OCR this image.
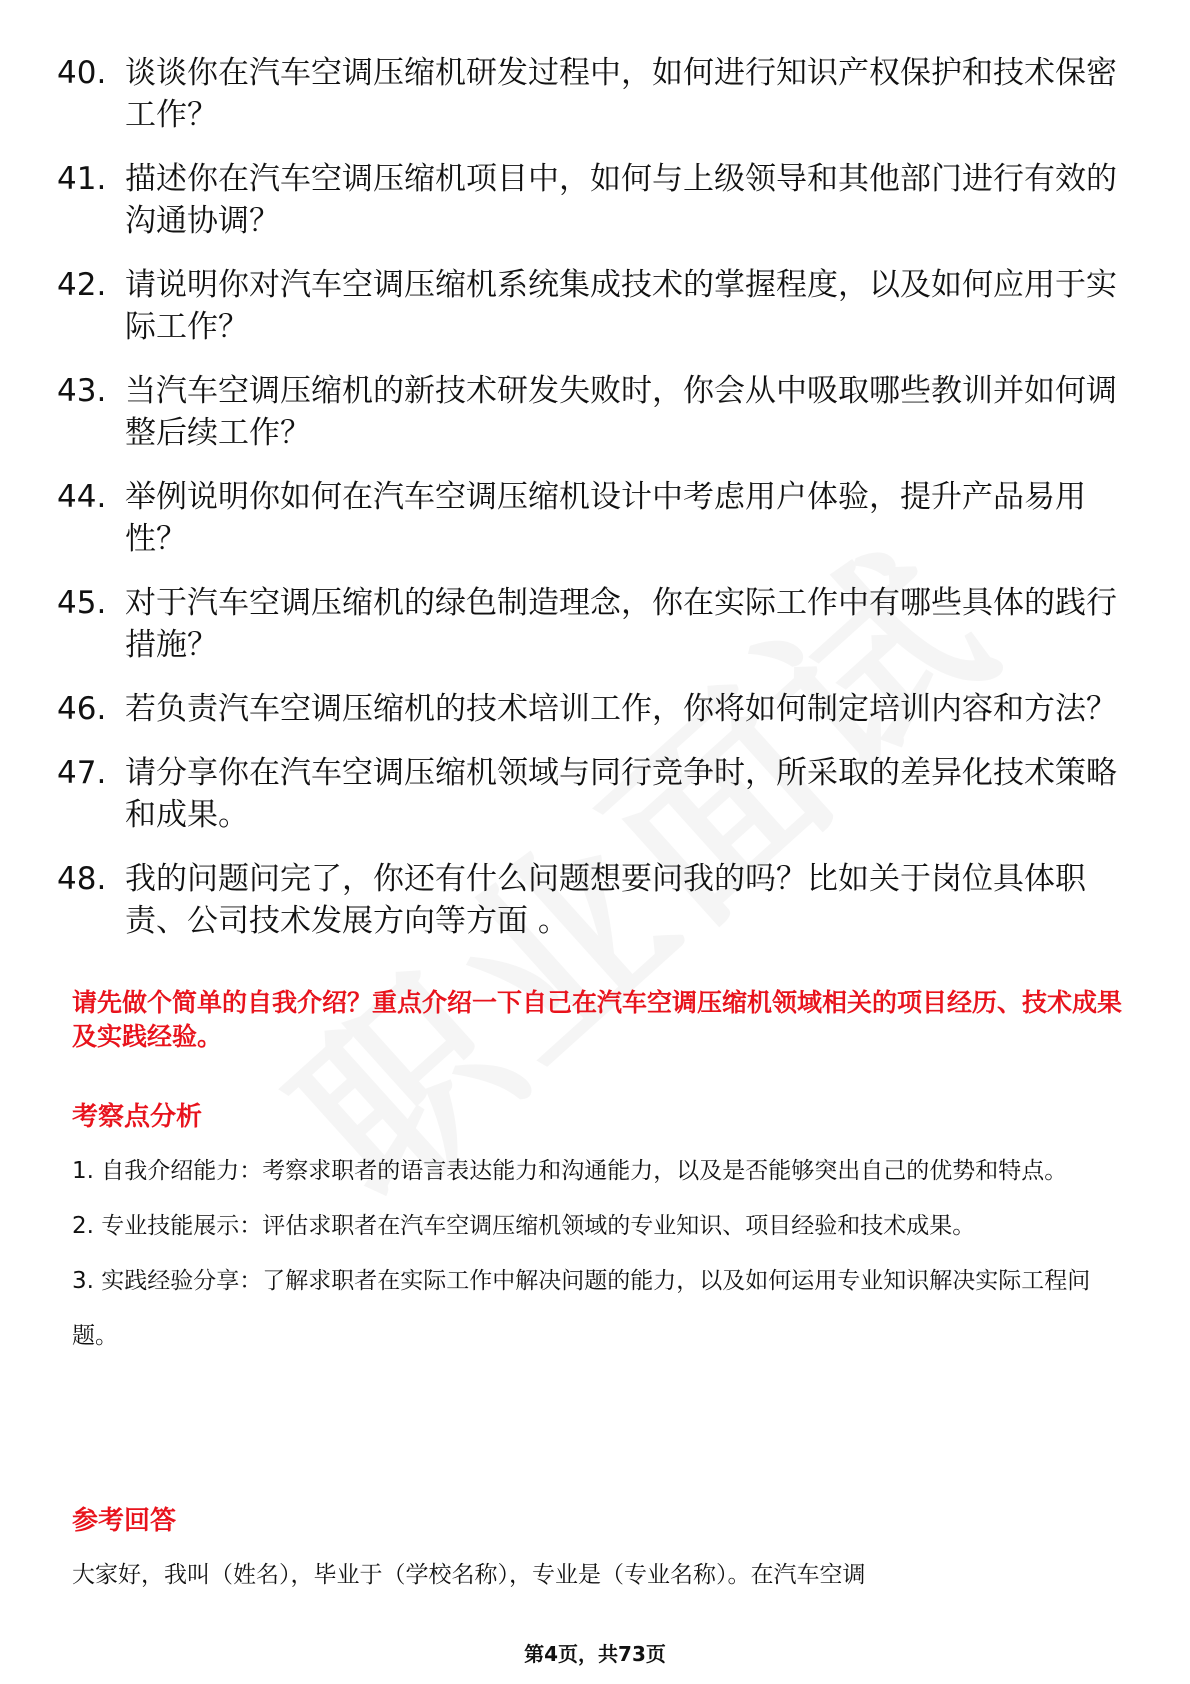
40. 谈谈你在汽车空调压缩机研发过程中，如何进行知识产权保护和技术保密工作？
41. 描述你在汽车空调压缩机项目中，如何与上级领导和其他部门进行有效的沟通协调？
42. 请说明你对汽车空调压缩机系统集成技术的掌握程度，以及如何应用于实际工作？
43. 当汽车空调压缩机的新技术研发失败时，你会从中吸取哪些教训并如何调整后续工作？
44. 举例说明你如何在汽车空调压缩机设计中考虑用户体验，提升产品易用性？
45. 对于汽车空调压缩机的绿色制造理念，你在实际工作中有哪些具体的践行措施？
46. 若负责汽车空调压缩机的技术培训工作，你将如何制定培训内容和方法？
47. 请分享你在汽车空调压缩机领域与同行竞争时，所采取的差异化技术策略和成果。
48. 我的问题问完了，你还有什么问题想要问我的吗？比如关于岗位具体职责、公司技术发展方向等方面 。
请先做个简单的自我介绍？重点介绍一下自己在汽车空调压缩机领域相关的项目经历、技术成果及实践经验。
考察点分析

1. 自我介绍能力：考察求职者的语言表达能力和沟通能力，以及是否能够突出自己的优势和特点。

2. 专业技能展示：评估求职者在汽车空调压缩机领域的专业知识、项目经验和技术成果。

3. 实践经验分享：了解求职者在实际工作中解决问题的能力，以及如何运用专业知识解决实际工程问题。

参考回答

大家好，我叫（姓名），毕业于（学校名称），专业是（专业名称）。在汽车空调

第4页，共73页
